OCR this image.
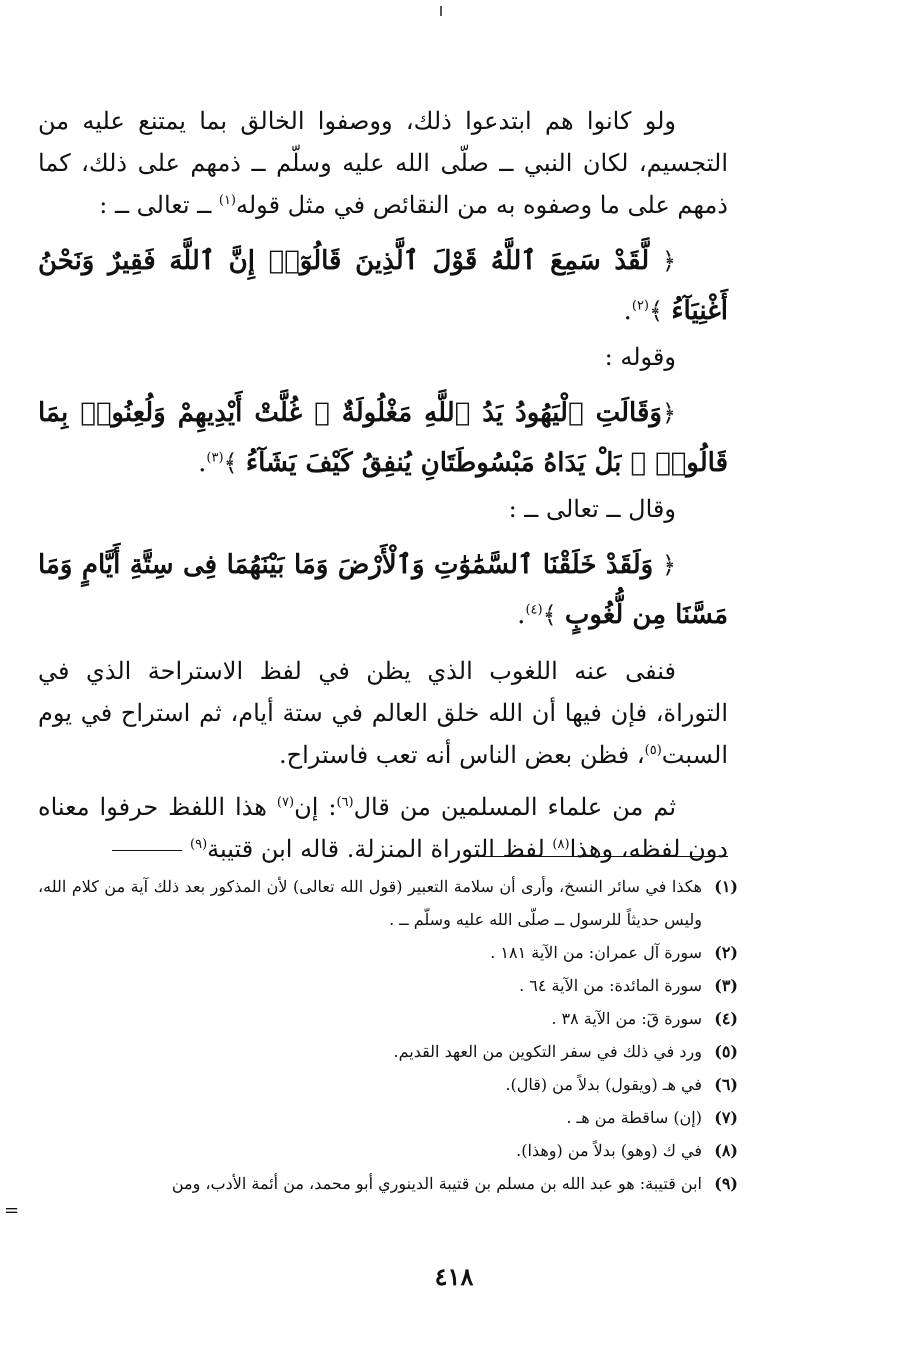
ولو كانوا هم ابتدعوا ذلك، ووصفوا الخالق بما يمتنع عليه من التجسيم، لكان النبي ــ صلّى الله عليه وسلّم ــ ذمهم على ذلك، كما ذمهم على ما وصفوه به من النقائص في مثل قوله$^{(١)}$ ــ تعالى ــ :

﴿ لَّقَدْ سَمِعَ ٱللَّهُ قَوْلَ ٱلَّذِينَ قَالُوٓا۟ إِنَّ ٱللَّهَ فَقِيرٌ وَنَحْنُ أَغْنِيَآءُ ﴾$^{(٢)}$.

وقوله :

﴿وَقَالَتِ ٱلْيَهُودُ يَدُ ٱللَّهِ مَغْلُولَةٌ ۚ غُلَّتْ أَيْدِيهِمْ وَلُعِنُوا۟ بِمَا قَالُوا۟ ۘ بَلْ يَدَاهُ مَبْسُوطَتَانِ يُنفِقُ كَيْفَ يَشَآءُ ﴾$^{(٣)}$.

وقال ــ تعالى ــ :

﴿ وَلَقَدْ خَلَقْنَا ٱلسَّمَٰوَٰتِ وَٱلْأَرْضَ وَمَا بَيْنَهُمَا فِى سِتَّةِ أَيَّامٍ وَمَا مَسَّنَا مِن لُّغُوبٍ ﴾$^{(٤)}$.

فنفى عنه اللغوب الذي يظن في لفظ الاستراحة الذي في التوراة، فإن فيها أن الله خلق العالم في ستة أيام، ثم استراح في يوم السبت$^{(٥)}$، فظن بعض الناس أنه تعب فاستراح.

ثم من علماء المسلمين من قال$^{(٦)}$: إن$^{(٧)}$ هذا اللفظ حرفوا معناه دون لفظه، وهذا$^{(٨)}$ لفظ التوراة المنزلة. قاله ابن قتيبة$^{(٩)}$

(١)
هكذا في سائر النسخ، وأرى أن سلامة التعبير (قول الله تعالى) لأن المذكور بعد ذلك آية من كلام الله، وليس حديثاً للرسول ــ صلّى الله عليه وسلّم ــ .
(٢)
سورة آل عمران: من الآية ١٨١ .
(٣)
سورة المائدة: من الآية ٦٤ .
(٤)
سورة قٓ: من الآية ٣٨ .
(٥)
ورد في ذلك في سفر التكوين من العهد القديم.
(٦)
في هـ (ويقول) بدلاً من (قال).
(٧)
(إن) ساقطة من هـ .
(٨)
في ك (وهو) بدلاً من (وهذا).
(٩)
ابن قتيبة: هو عبد الله بن مسلم بن قتيبة الدينوري أبو محمد، من أئمة الأدب، ومن
=
٤١٨
